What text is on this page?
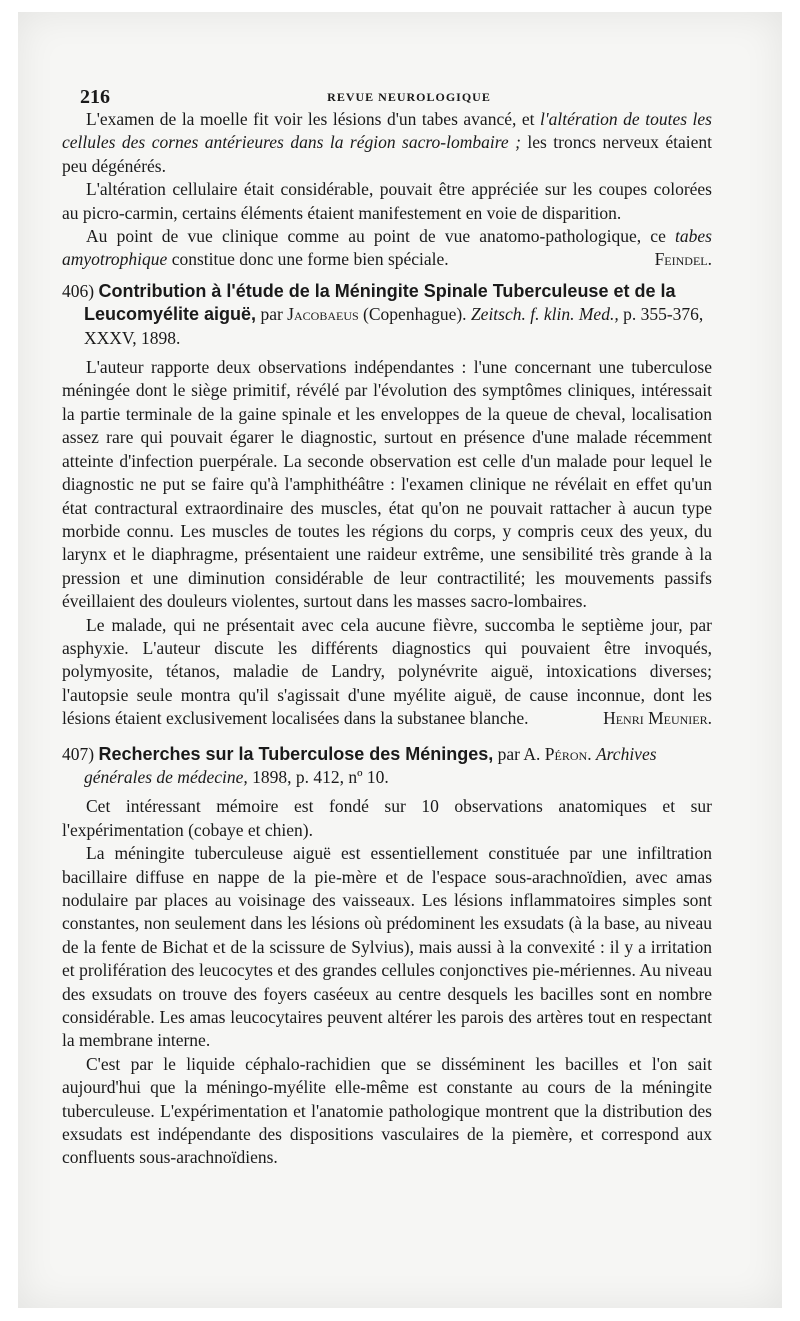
216	REVUE NEUROLOGIQUE

L'examen de la moelle fit voir les lésions d'un tabes avancé, et l'altération de toutes les cellules des cornes antérieures dans la région sacro-lombaire ; les troncs nerveux étaient peu dégénérés.

L'altération cellulaire était considérable, pouvait être appréciée sur les coupes colorées au picro-carmin, certains éléments étaient manifestement en voie de disparition.

Au point de vue clinique comme au point de vue anatomo-pathologique, ce tabes amyotrophique constitue donc une forme bien spéciale.	Feindel.

406) Contribution à l'étude de la Méningite Spinale Tuberculeuse et de la Leucomyélite aiguë, par Jacobaeus (Copenhague). Zeitsch. f. klin. Med., p. 355-376, XXXV, 1898.

L'auteur rapporte deux observations indépendantes : l'une concernant une tuberculose méningée dont le siège primitif, révélé par l'évolution des symptômes cliniques, intéressait la partie terminale de la gaine spinale et les enveloppes de la queue de cheval, localisation assez rare qui pouvait égarer le diagnostic, surtout en présence d'une malade récemment atteinte d'infection puerpérale. La seconde observation est celle d'un malade pour lequel le diagnostic ne put se faire qu'à l'amphithéâtre : l'examen clinique ne révélait en effet qu'un état contractural extraordinaire des muscles, état qu'on ne pouvait rattacher à aucun type morbide connu. Les muscles de toutes les régions du corps, y compris ceux des yeux, du larynx et le diaphragme, présentaient une raideur extrême, une sensibilité très grande à la pression et une diminution considérable de leur contractilité; les mouvements passifs éveillaient des douleurs violentes, surtout dans les masses sacro-lombaires.

Le malade, qui ne présentait avec cela aucune fièvre, succomba le septième jour, par asphyxie. L'auteur discute les différents diagnostics qui pouvaient être invoqués, polymyosite, tétanos, maladie de Landry, polynévrite aiguë, intoxications diverses; l'autopsie seule montra qu'il s'agissait d'une myélite aiguë, de cause inconnue, dont les lésions étaient exclusivement localisées dans la substanee blanche.	Henri Meunier.

407) Recherches sur la Tuberculose des Méninges, par A. Péron. Archives générales de médecine, 1898, p. 412, nº 10.

Cet intéressant mémoire est fondé sur 10 observations anatomiques et sur l'expérimentation (cobaye et chien).

La méningite tuberculeuse aiguë est essentiellement constituée par une infiltration bacillaire diffuse en nappe de la pie-mère et de l'espace sous-arachnoïdien, avec amas nodulaire par places au voisinage des vaisseaux. Les lésions inflammatoires simples sont constantes, non seulement dans les lésions où prédominent les exsudats (à la base, au niveau de la fente de Bichat et de la scissure de Sylvius), mais aussi à la convexité : il y a irritation et prolifération des leucocytes et des grandes cellules conjonctives pie-mériennes. Au niveau des exsudats on trouve des foyers caséeux au centre desquels les bacilles sont en nombre considérable. Les amas leucocytaires peuvent altérer les parois des artères tout en respectant la membrane interne.

C'est par le liquide céphalo-rachidien que se disséminent les bacilles et l'on sait aujourd'hui que la méningo-myélite elle-même est constante au cours de la méningite tuberculeuse. L'expérimentation et l'anatomie pathologique montrent que la distribution des exsudats est indépendante des dispositions vasculaires de la piemère, et correspond aux confluents sous-arachnoïdiens.
